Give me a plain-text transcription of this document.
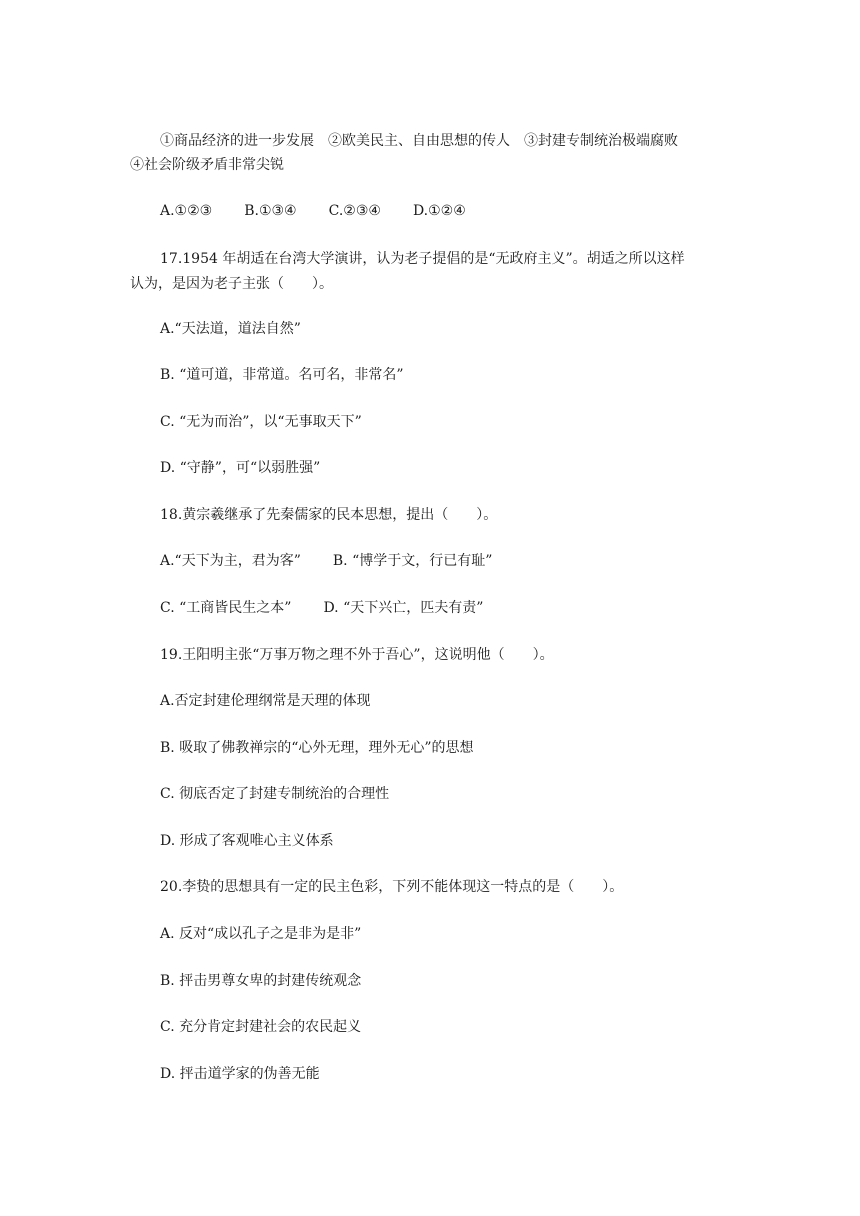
①商品经济的进一步发展　②欧美民主、自由思想的传人　③封建专制统治极端腐败
④社会阶级矛盾非常尖锐
A.①②③ B.①③④ C.②③④ D.①②④
17.1954 年胡适在台湾大学演讲，认为老子提倡的是“无政府主义”。胡适之所以这样
认为，是因为老子主张（　　）。
A.“天法道，道法自然”
B. “道可道，非常道。名可名，非常名”
C. “无为而治”，以“无事取天下”
D. “守静”，可“以弱胜强”
18.黄宗羲继承了先秦儒家的民本思想，提出（　　）。
A.“天下为主，君为客” B. “博学于文，行已有耻”
C. “工商皆民生之本” D. “天下兴亡，匹夫有责”
19.王阳明主张“万事万物之理不外于吾心”，这说明他（　　）。
A.否定封建伦理纲常是天理的体现
B. 吸取了佛教禅宗的“心外无理，理外无心”的思想
C. 彻底否定了封建专制统治的合理性
D. 形成了客观唯心主义体系
20.李贽的思想具有一定的民主色彩，下列不能体现这一特点的是（　　）。
A. 反对“成以孔子之是非为是非”
B. 抨击男尊女卑的封建传统观念
C. 充分肯定封建社会的农民起义
D. 抨击道学家的伪善无能
